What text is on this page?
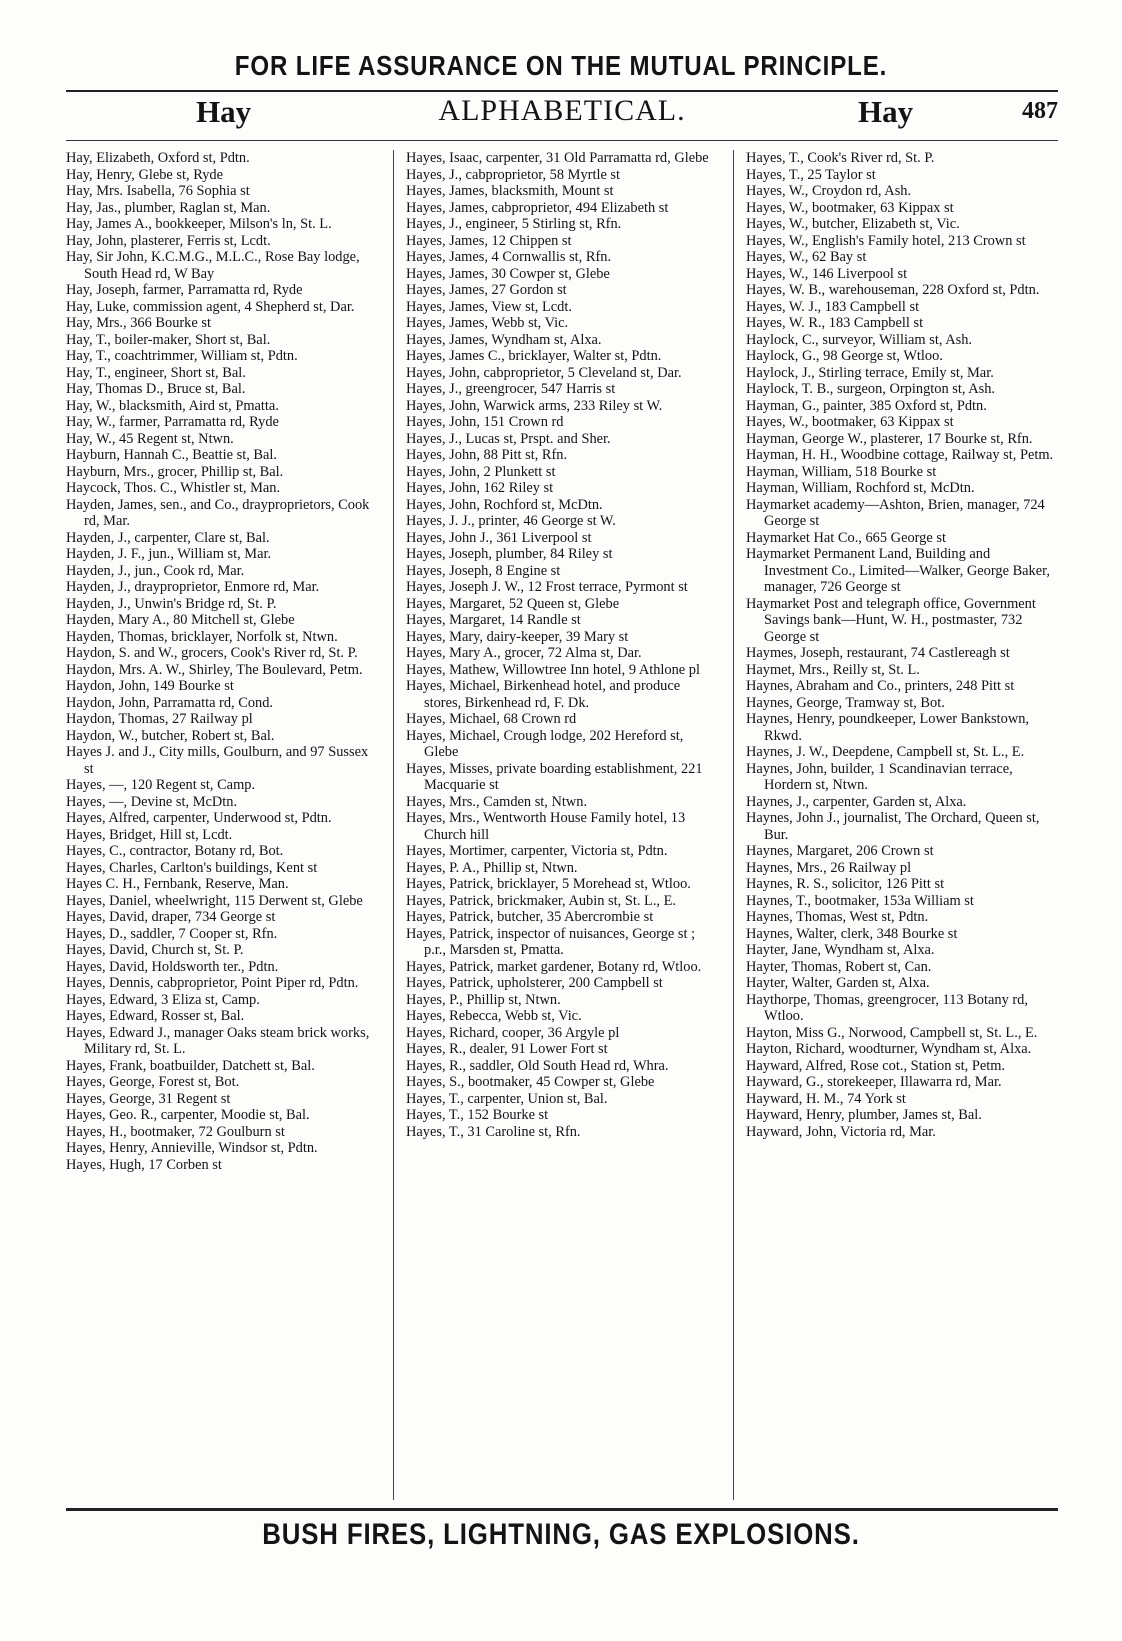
FOR LIFE ASSURANCE ON THE MUTUAL PRINCIPLE.
ALPHABETICAL.
Hay	Hay	487

Hay, Elizabeth, Oxford st, Pdtn.

Hay, Henry, Glebe st, Ryde

Hay, Mrs. Isabella, 76 Sophia st

Hay, Jas., plumber, Raglan st, Man.

Hay, James A., bookkeeper, Milson's ln, St. L.

Hay, John, plasterer, Ferris st, Lcdt.

Hay, Sir John, K.C.M.G., M.L.C., Rose Bay lodge, South Head rd, W Bay

Hay, Joseph, farmer, Parramatta rd, Ryde

Hay, Luke, commission agent, 4 Shepherd st, Dar.

Hay, Mrs., 366 Bourke st

Hay, T., boiler-maker, Short st, Bal.

Hay, T., coachtrimmer, William st, Pdtn.

Hay, T., engineer, Short st, Bal.

Hay, Thomas D., Bruce st, Bal.

Hay, W., blacksmith, Aird st, Pmatta.

Hay, W., farmer, Parramatta rd, Ryde

Hay, W., 45 Regent st, Ntwn.

Hayburn, Hannah C., Beattie st, Bal.

Hayburn, Mrs., grocer, Phillip st, Bal.

Haycock, Thos. C., Whistler st, Man.

Hayden, James, sen., and Co., drayproprietors, Cook rd, Mar.

Hayden, J., carpenter, Clare st, Bal.

Hayden, J. F., jun., William st, Mar.

Hayden, J., jun., Cook rd, Mar.

Hayden, J., drayproprietor, Enmore rd, Mar.

Hayden, J., Unwin's Bridge rd, St. P.

Hayden, Mary A., 80 Mitchell st, Glebe

Hayden, Thomas, bricklayer, Norfolk st, Ntwn.

Haydon, S. and W., grocers, Cook's River rd, St. P.

Haydon, Mrs. A. W., Shirley, The Boulevard, Petm.

Haydon, John, 149 Bourke st

Haydon, John, Parramatta rd, Cond.

Haydon, Thomas, 27 Railway pl

Haydon, W., butcher, Robert st, Bal.

Hayes J. and J., City mills, Goulburn, and 97 Sussex st

Hayes, —, 120 Regent st, Camp.

Hayes, —, Devine st, McDtn.

Hayes, Alfred, carpenter, Underwood st, Pdtn.

Hayes, Bridget, Hill st, Lcdt.

Hayes, C., contractor, Botany rd, Bot.

Hayes, Charles, Carlton's buildings, Kent st

Hayes C. H., Fernbank, Reserve, Man.

Hayes, Daniel, wheelwright, 115 Derwent st, Glebe

Hayes, David, draper, 734 George st

Hayes, D., saddler, 7 Cooper st, Rfn.

Hayes, David, Church st, St. P.

Hayes, David, Holdsworth ter., Pdtn.

Hayes, Dennis, cabproprietor, Point Piper rd, Pdtn.

Hayes, Edward, 3 Eliza st, Camp.

Hayes, Edward, Rosser st, Bal.

Hayes, Edward J., manager Oaks steam brick works, Military rd, St. L.

Hayes, Frank, boatbuilder, Datchett st, Bal.

Hayes, George, Forest st, Bot.

Hayes, George, 31 Regent st

Hayes, Geo. R., carpenter, Moodie st, Bal.

Hayes, H., bootmaker, 72 Goulburn st

Hayes, Henry, Annieville, Windsor st, Pdtn.

Hayes, Hugh, 17 Corben st

Hayes, Isaac, carpenter, 31 Old Parramatta rd, Glebe

Hayes, J., cabproprietor, 58 Myrtle st

Hayes, James, blacksmith, Mount st

Hayes, James, cabproprietor, 494 Elizabeth st

Hayes, J., engineer, 5 Stirling st, Rfn.

Hayes, James, 12 Chippen st

Hayes, James, 4 Cornwallis st, Rfn.

Hayes, James, 30 Cowper st, Glebe

Hayes, James, 27 Gordon st

Hayes, James, View st, Lcdt.

Hayes, James, Webb st, Vic.

Hayes, James, Wyndham st, Alxa.

Hayes, James C., bricklayer, Walter st, Pdtn.

Hayes, John, cabproprietor, 5 Cleveland st, Dar.

Hayes, J., greengrocer, 547 Harris st

Hayes, John, Warwick arms, 233 Riley st W.

Hayes, John, 151 Crown rd

Hayes, J., Lucas st, Prspt. and Sher.

Hayes, John, 88 Pitt st, Rfn.

Hayes, John, 2 Plunkett st

Hayes, John, 162 Riley st

Hayes, John, Rochford st, McDtn.

Hayes, J. J., printer, 46 George st W.

Hayes, John J., 361 Liverpool st

Hayes, Joseph, plumber, 84 Riley st

Hayes, Joseph, 8 Engine st

Hayes, Joseph J. W., 12 Frost terrace, Pyrmont st

Hayes, Margaret, 52 Queen st, Glebe

Hayes, Margaret, 14 Randle st

Hayes, Mary, dairy-keeper, 39 Mary st

Hayes, Mary A., grocer, 72 Alma st, Dar.

Hayes, Mathew, Willowtree Inn hotel, 9 Athlone pl

Hayes, Michael, Birkenhead hotel, and produce stores, Birkenhead rd, F. Dk.

Hayes, Michael, 68 Crown rd

Hayes, Michael, Crough lodge, 202 Hereford st, Glebe

Hayes, Misses, private boarding establishment, 221 Macquarie st

Hayes, Mrs., Camden st, Ntwn.

Hayes, Mrs., Wentworth House Family hotel, 13 Church hill

Hayes, Mortimer, carpenter, Victoria st, Pdtn.

Hayes, P. A., Phillip st, Ntwn.

Hayes, Patrick, bricklayer, 5 Morehead st, Wtloo.

Hayes, Patrick, brickmaker, Aubin st, St. L., E.

Hayes, Patrick, butcher, 35 Abercrombie st

Hayes, Patrick, inspector of nuisances, George st ; p.r., Marsden st, Pmatta.

Hayes, Patrick, market gardener, Botany rd, Wtloo.

Hayes, Patrick, upholsterer, 200 Campbell st

Hayes, P., Phillip st, Ntwn.

Hayes, Rebecca, Webb st, Vic.

Hayes, Richard, cooper, 36 Argyle pl

Hayes, R., dealer, 91 Lower Fort st

Hayes, R., saddler, Old South Head rd, Whra.

Hayes, S., bootmaker, 45 Cowper st, Glebe

Hayes, T., carpenter, Union st, Bal.

Hayes, T., 152 Bourke st

Hayes, T., 31 Caroline st, Rfn.

Hayes, T., Cook's River rd, St. P.

Hayes, T., 25 Taylor st

Hayes, W., Croydon rd, Ash.

Hayes, W., bootmaker, 63 Kippax st

Hayes, W., butcher, Elizabeth st, Vic.

Hayes, W., English's Family hotel, 213 Crown st

Hayes, W., 62 Bay st

Hayes, W., 146 Liverpool st

Hayes, W. B., warehouseman, 228 Oxford st, Pdtn.

Hayes, W. J., 183 Campbell st

Hayes, W. R., 183 Campbell st

Haylock, C., surveyor, William st, Ash.

Haylock, G., 98 George st, Wtloo.

Haylock, J., Stirling terrace, Emily st, Mar.

Haylock, T. B., surgeon, Orpington st, Ash.

Hayman, G., painter, 385 Oxford st, Pdtn.

Hayes, W., bootmaker, 63 Kippax st

Hayman, George W., plasterer, 17 Bourke st, Rfn.

Hayman, H. H., Woodbine cottage, Railway st, Petm.

Hayman, William, 518 Bourke st

Hayman, William, Rochford st, McDtn.

Haymarket academy—Ashton, Brien, manager, 724 George st

Haymarket Hat Co., 665 George st

Haymarket Permanent Land, Building and Investment Co., Limited—Walker, George Baker, manager, 726 George st

Haymarket Post and telegraph office, Government Savings bank—Hunt, W. H., postmaster, 732 George st

Haymes, Joseph, restaurant, 74 Castlereagh st

Haymet, Mrs., Reilly st, St. L.

Haynes, Abraham and Co., printers, 248 Pitt st

Haynes, George, Tramway st, Bot.

Haynes, Henry, poundkeeper, Lower Bankstown, Rkwd.

Haynes, J. W., Deepdene, Campbell st, St. L., E.

Haynes, John, builder, 1 Scandinavian terrace, Hordern st, Ntwn.

Haynes, J., carpenter, Garden st, Alxa.

Haynes, John J., journalist, The Orchard, Queen st, Bur.

Haynes, Margaret, 206 Crown st

Haynes, Mrs., 26 Railway pl

Haynes, R. S., solicitor, 126 Pitt st

Haynes, T., bootmaker, 153a William st

Haynes, Thomas, West st, Pdtn.

Haynes, Walter, clerk, 348 Bourke st

Hayter, Jane, Wyndham st, Alxa.

Hayter, Thomas, Robert st, Can.

Hayter, Walter, Garden st, Alxa.

Haythorpe, Thomas, greengrocer, 113 Botany rd, Wtloo.

Hayton, Miss G., Norwood, Campbell st, St. L., E.

Hayton, Richard, woodturner, Wyndham st, Alxa.

Hayward, Alfred, Rose cot., Station st, Petm.

Hayward, G., storekeeper, Illawarra rd, Mar.

Hayward, H. M., 74 York st

Hayward, Henry, plumber, James st, Bal.

Hayward, John, Victoria rd, Mar.

BUSH FIRES, LIGHTNING, GAS EXPLOSIONS.
